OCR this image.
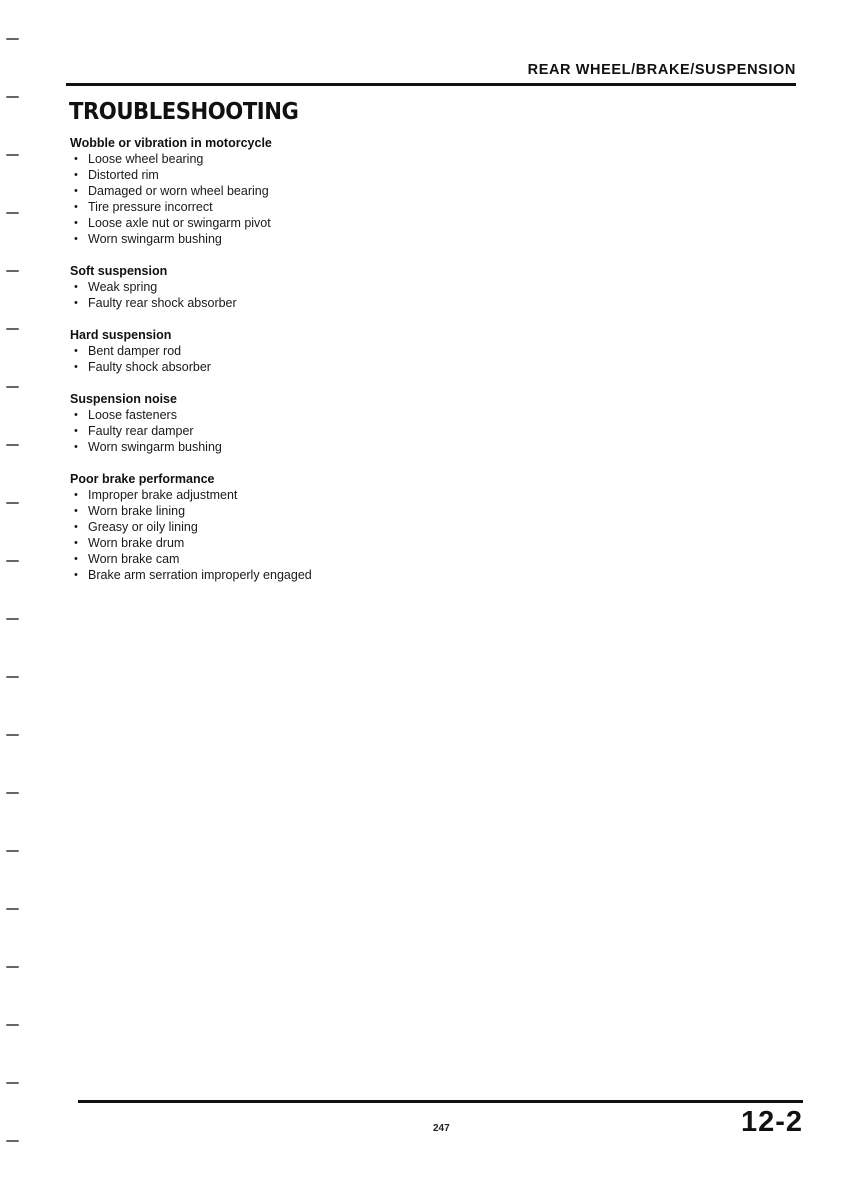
REAR WHEEL/BRAKE/SUSPENSION
TROUBLESHOOTING
Wobble or vibration in motorcycle
• Loose wheel bearing
• Distorted rim
• Damaged or worn wheel bearing
• Tire pressure incorrect
• Loose axle nut or swingarm pivot
• Worn swingarm bushing
Soft suspension
• Weak spring
• Faulty rear shock absorber
Hard suspension
• Bent damper rod
• Faulty shock absorber
Suspension noise
• Loose fasteners
• Faulty rear damper
• Worn swingarm bushing
Poor brake performance
• Improper brake adjustment
• Worn brake lining
• Greasy or oily lining
• Worn brake drum
• Worn brake cam
• Brake arm serration improperly engaged
247	12-2
